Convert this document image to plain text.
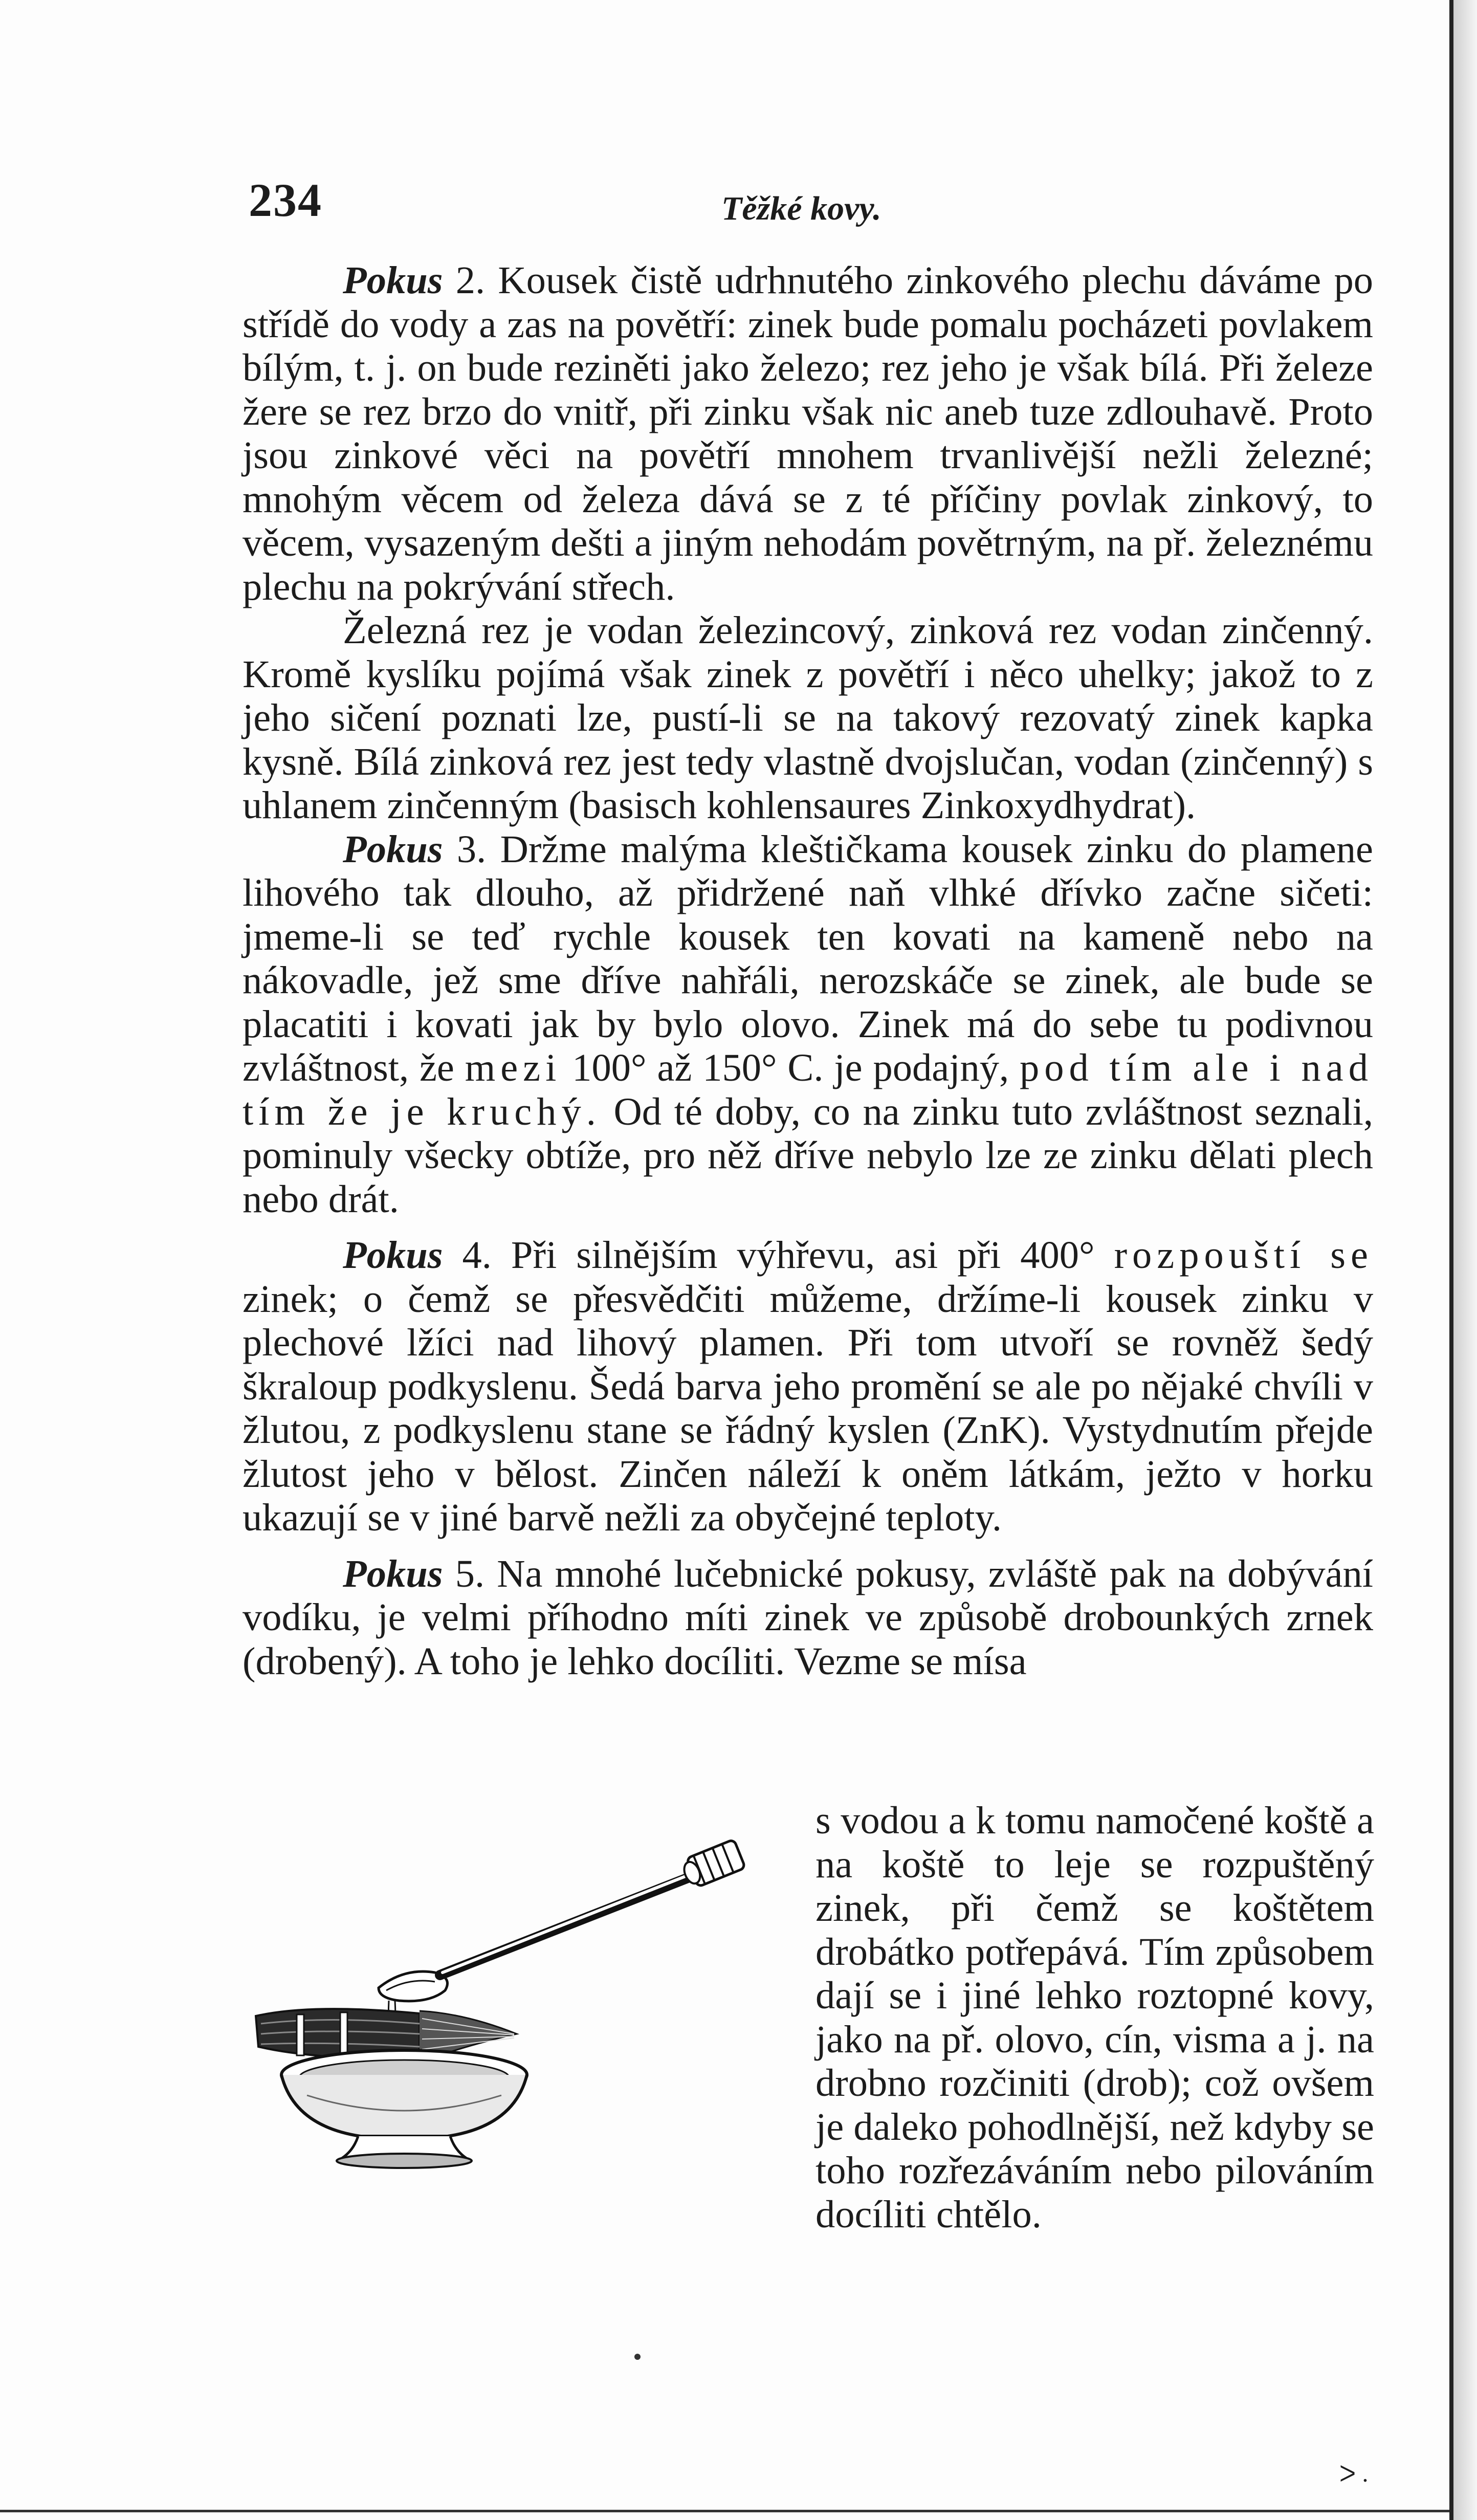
234	Těžké kovy.

Pokus 2. Kousek čistě udrhnutého zinkového plechu dáváme po střídě do vody a zas na povětří: zinek bude pomalu pocházeti povlakem bílým, t. j. on bude reziněti jako železo; rez jeho je však bílá. Při železe žere se rez brzo do vnitř, při zinku však nic aneb tuze zdlouhavě. Proto jsou zinkové věci na povětří mnohem trvanlivější nežli železné; mnohým věcem od železa dává se z té příčiny povlak zinkový, to věcem, vysazeným dešti a jiným nehodám povětrným, na př. železnému plechu na pokrývání střech.

Železná rez je vodan železincový, zinková rez vodan zinčenný. Kromě kyslíku pojímá však zinek z povětří i něco uhelky; jakož to z jeho sičení poznati lze, pustí-li se na takový rezovatý zinek kapka kysně. Bílá zinková rez jest tedy vlastně dvojslučan, vodan (zinčenný) s uhlanem zinčenným (basisch kohlensaures Zinkoxydhydrat).

Pokus 3. Držme malýma kleštičkama kousek zinku do plamene lihového tak dlouho, až přidržené naň vlhké dřívko začne sičeti: jmeme-li se teď rychle kousek ten kovati na kameně nebo na nákovadle, jež sme dříve nahřáli, nerozskáče se zinek, ale bude se placatiti i kovati jak by bylo olovo. Zinek má do sebe tu podivnou zvláštnost, že mezi 100° až 150° C. je podajný, pod tím ale i nad tím že je kruchý. Od té doby, co na zinku tuto zvláštnost seznali, pominuly všecky obtíže, pro něž dříve nebylo lze ze zinku dělati plech nebo drát.

Pokus 4. Při silnějším výhřevu, asi při 400° rozpouští se zinek; o čemž se přesvědčiti můžeme, držíme-li kousek zinku v plechové lžíci nad lihový plamen. Při tom utvoří se rovněž šedý škraloup podkyslenu. Šedá barva jeho promění se ale po nějaké chvíli v žlutou, z podkyslenu stane se řádný kyslen (ZnK). Vystydnutím přejde žlutost jeho v bělost. Zinčen náleží k oněm látkám, ježto v horku ukazují se v jiné barvě nežli za obyčejné teploty.

Pokus 5. Na mnohé lučebnické pokusy, zvláště pak na dobývání vodíku, je velmi příhodno míti zinek ve způsobě drobounkých zrnek (drobený). A toho je lehko docíliti. Vezme se mísa

s vodou a k tomu namočené koště a na koště to leje se rozpuštěný zinek, při čemž se koštětem drobátko potřepává. Tím způsobem dají se i jiné lehko roztopné kovy, jako na př. olovo, cín, visma a j. na drobno rozčiniti (drob); což ovšem je daleko pohodlnější, než kdyby se toho rozřezáváním nebo pilováním docíliti chtělo.
ᐳ ․
